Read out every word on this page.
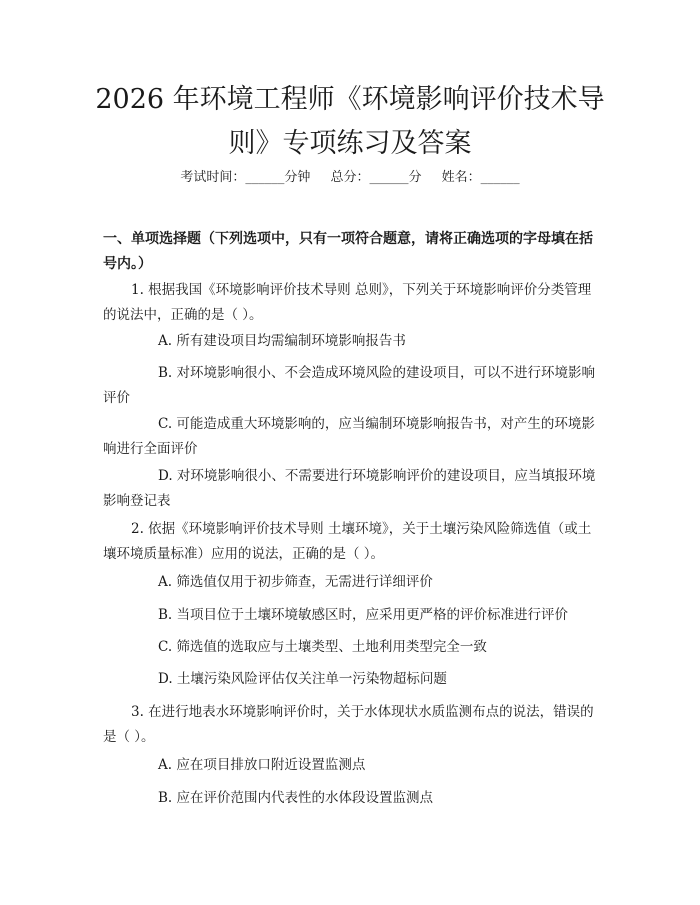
2026 年环境工程师《环境影响评价技术导
则》专项练习及答案
考试时间：______分钟 总分：______分 姓名：______
一、单项选择题（下列选项中，只有一项符合题意，请将正确选项的字母填在括号内。）
1. 根据我国《环境影响评价技术导则 总则》，下列关于环境影响评价分类管理的说法中，正确的是（ ）。
A. 所有建设项目均需编制环境影响报告书
B. 对环境影响很小、不会造成环境风险的建设项目，可以不进行环境影响评价
C. 可能造成重大环境影响的，应当编制环境影响报告书，对产生的环境影响进行全面评价
D. 对环境影响很小、不需要进行环境影响评价的建设项目，应当填报环境影响登记表
2. 依据《环境影响评价技术导则 土壤环境》，关于土壤污染风险筛选值（或土壤环境质量标准）应用的说法，正确的是（ ）。
A. 筛选值仅用于初步筛查，无需进行详细评价
B. 当项目位于土壤环境敏感区时，应采用更严格的评价标准进行评价
C. 筛选值的选取应与土壤类型、土地利用类型完全一致
D. 土壤污染风险评估仅关注单一污染物超标问题
3. 在进行地表水环境影响评价时，关于水体现状水质监测布点的说法，错误的是（ ）。
A. 应在项目排放口附近设置监测点
B. 应在评价范围内代表性的水体段设置监测点
